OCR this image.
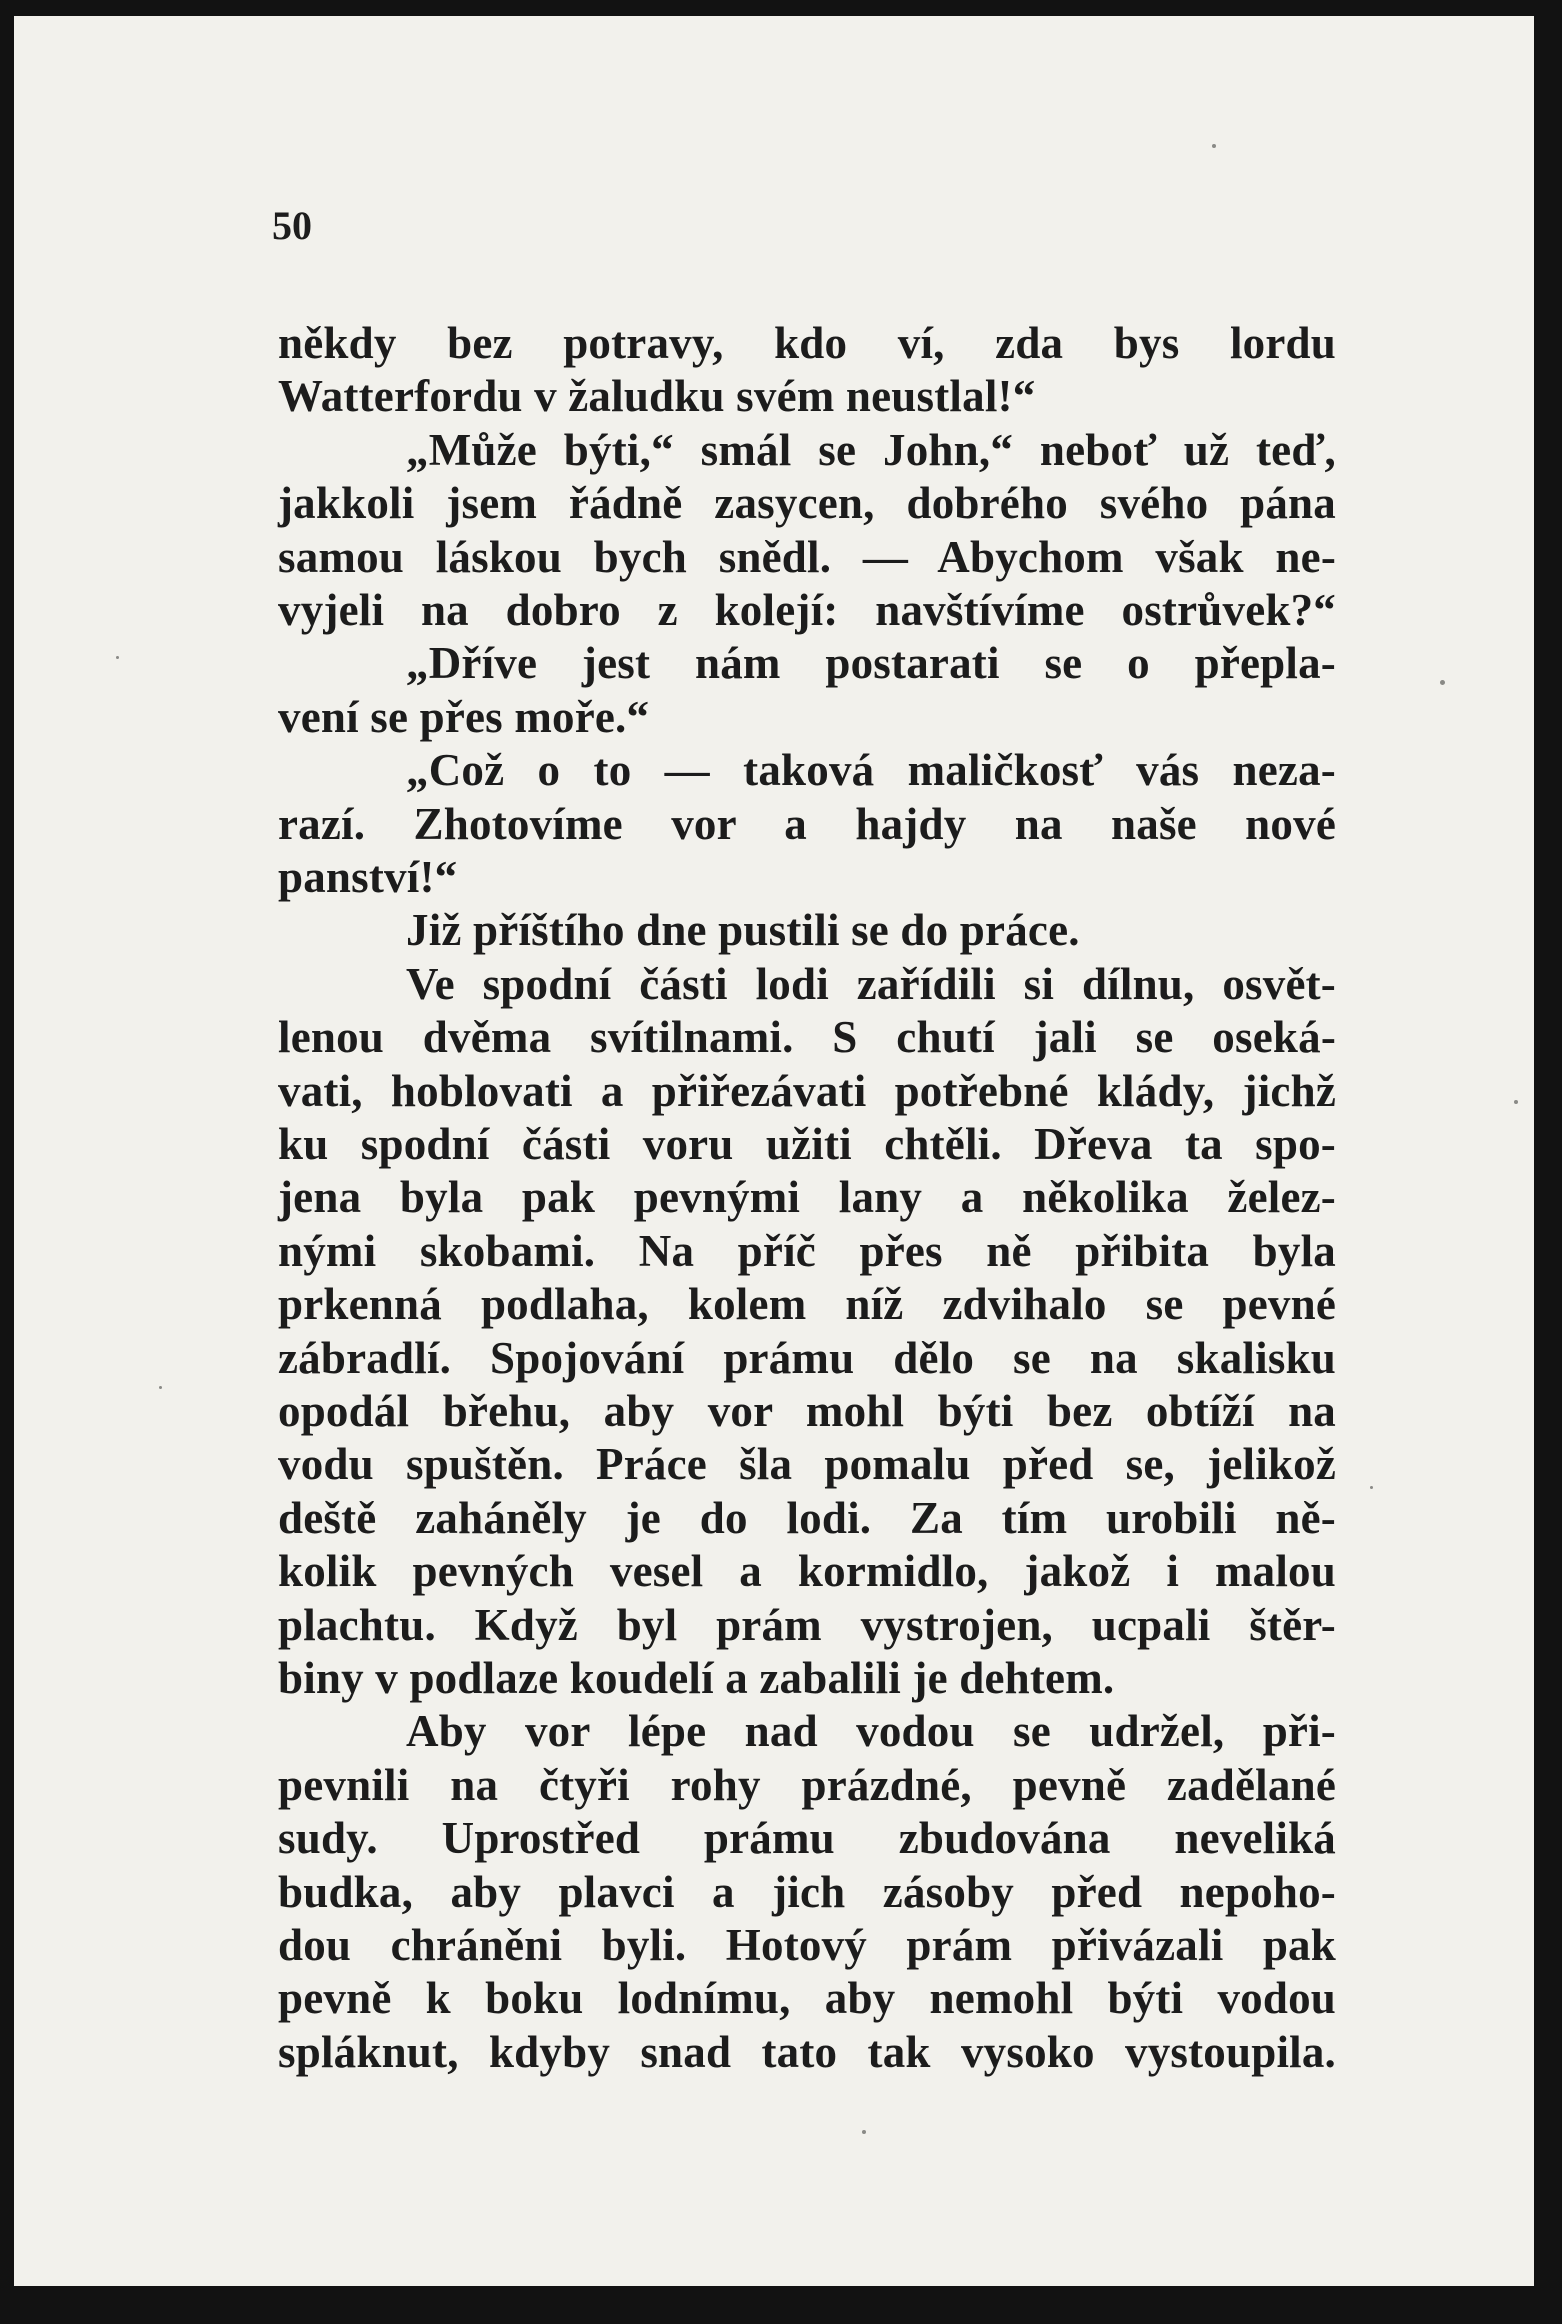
50
někdy bez potravy, kdo ví, zda bys lordu
Watterfordu v žaludku svém neustlal!“
„Může býti,“ smál se John,“ neboť už teď,
jakkoli jsem řádně zasycen, dobrého svého pána
samou láskou bych snědl. — Abychom však ne-
vyjeli na dobro z kolejí: navštívíme ostrůvek?“
„Dříve jest nám postarati se o přepla-
vení se přes moře.“
„Což o to — taková maličkosť vás neza-
razí. Zhotovíme vor a hajdy na naše nové
panství!“
Již příštího dne pustili se do práce.
Ve spodní části lodi zařídili si dílnu, osvět-
lenou dvěma svítilnami. S chutí jali se oseká-
vati, hoblovati a přiřezávati potřebné klády, jichž
ku spodní části voru užiti chtěli. Dřeva ta spo-
jena byla pak pevnými lany a několika želez-
nými skobami. Na příč přes ně přibita byla
prkenná podlaha, kolem níž zdvihalo se pevné
zábradlí. Spojování prámu dělo se na skalisku
opodál břehu, aby vor mohl býti bez obtíží na
vodu spuštěn. Práce šla pomalu před se, jelikož
deště zaháněly je do lodi. Za tím urobili ně-
kolik pevných vesel a kormidlo, jakož i malou
plachtu. Když byl prám vystrojen, ucpali štěr-
biny v podlaze koudelí a zabalili je dehtem.
Aby vor lépe nad vodou se udržel, při-
pevnili na čtyři rohy prázdné, pevně zadělané
sudy. Uprostřed prámu zbudována neveliká
budka, aby plavci a jich zásoby před nepoho-
dou chráněni byli. Hotový prám přivázali pak
pevně k boku lodnímu, aby nemohl býti vodou
spláknut, kdyby snad tato tak vysoko vystoupila.
